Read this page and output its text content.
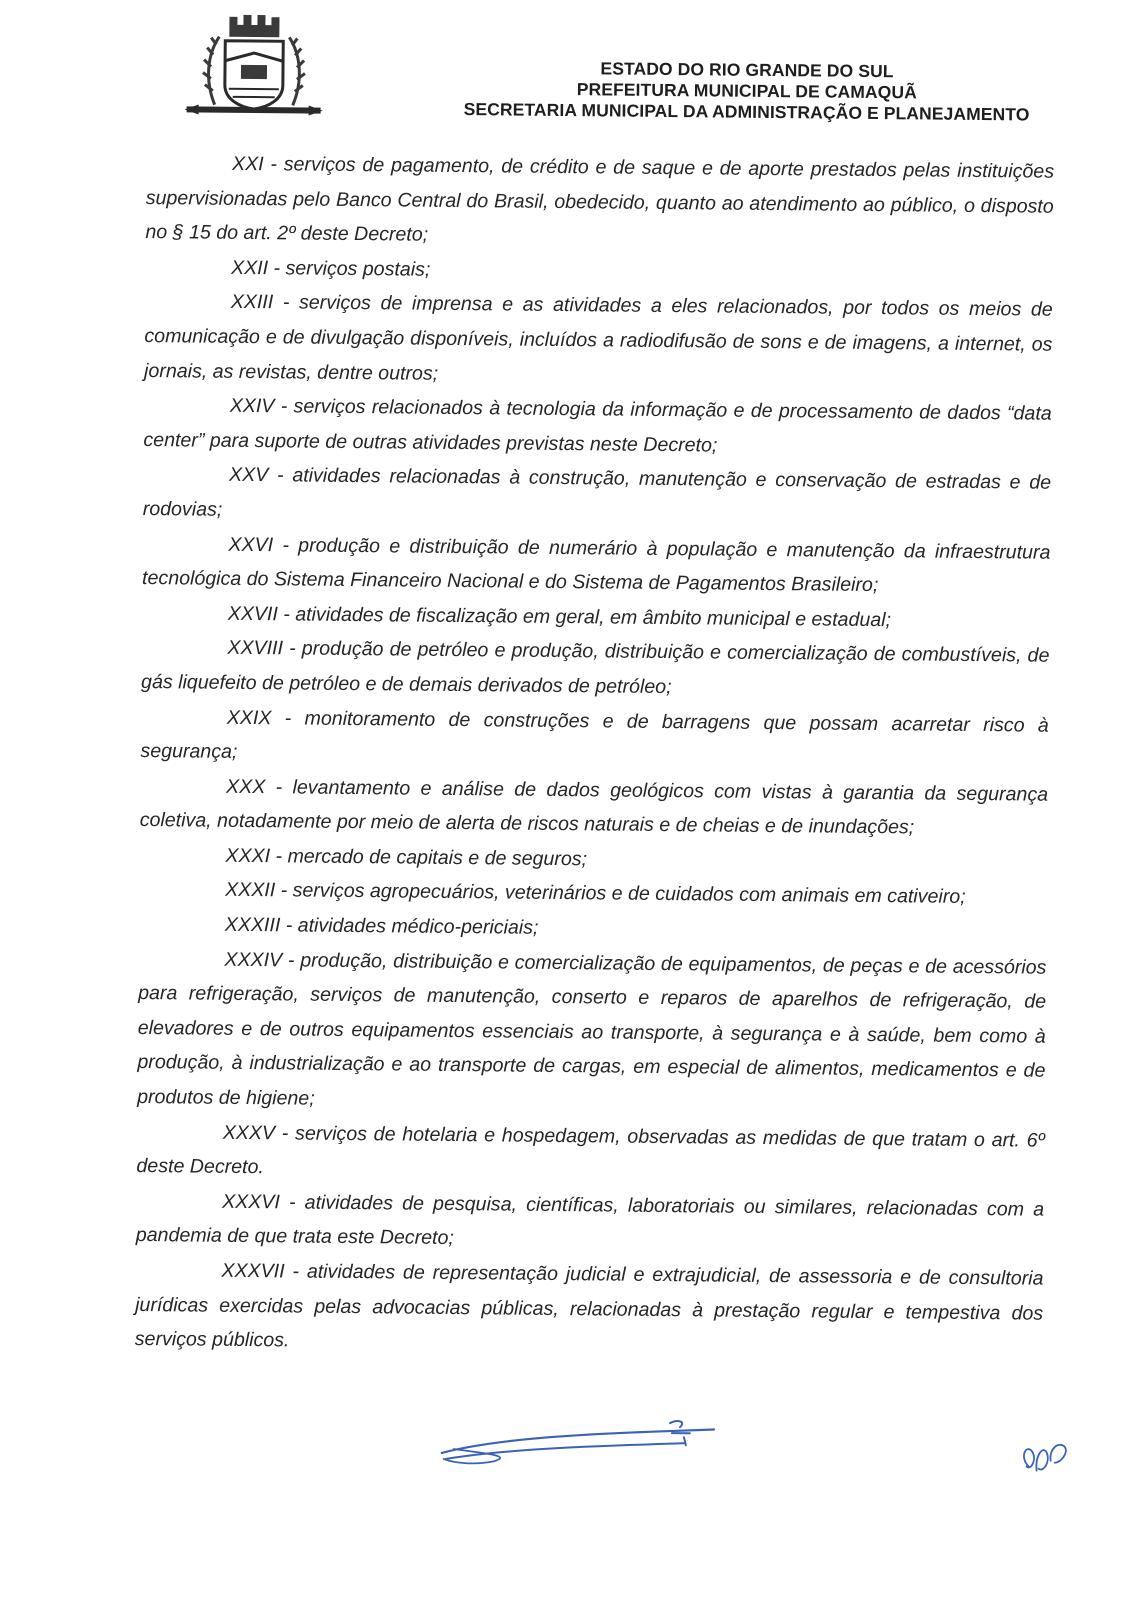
ESTADO DO RIO GRANDE DO SUL
PREFEITURA MUNICIPAL DE CAMAQUÃ
SECRETARIA MUNICIPAL DA ADMINISTRAÇÃO E PLANEJAMENTO

XXI - serviços de pagamento, de crédito e de saque e de aporte prestados pelas instituições supervisionadas pelo Banco Central do Brasil, obedecido, quanto ao atendimento ao público, o disposto no § 15 do art. 2º deste Decreto;

XXII - serviços postais;

XXIII - serviços de imprensa e as atividades a eles relacionados, por todos os meios de comunicação e de divulgação disponíveis, incluídos a radiodifusão de sons e de imagens, a internet, os jornais, as revistas, dentre outros;

XXIV - serviços relacionados à tecnologia da informação e de processamento de dados “data center” para suporte de outras atividades previstas neste Decreto;

XXV - atividades relacionadas à construção, manutenção e conservação de estradas e de rodovias;

XXVI - produção e distribuição de numerário à população e manutenção da infraestrutura tecnológica do Sistema Financeiro Nacional e do Sistema de Pagamentos Brasileiro;

XXVII - atividades de fiscalização em geral, em âmbito municipal e estadual;

XXVIII - produção de petróleo e produção, distribuição e comercialização de combustíveis, de gás liquefeito de petróleo e de demais derivados de petróleo;

XXIX - monitoramento de construções e de barragens que possam acarretar risco à segurança;

XXX - levantamento e análise de dados geológicos com vistas à garantia da segurança coletiva, notadamente por meio de alerta de riscos naturais e de cheias e de inundações;

XXXI - mercado de capitais e de seguros;

XXXII - serviços agropecuários, veterinários e de cuidados com animais em cativeiro;

XXXIII - atividades médico-periciais;

XXXIV - produção, distribuição e comercialização de equipamentos, de peças e de acessórios para refrigeração, serviços de manutenção, conserto e reparos de aparelhos de refrigeração, de elevadores e de outros equipamentos essenciais ao transporte, à segurança e à saúde, bem como à produção, à industrialização e ao transporte de cargas, em especial de alimentos, medicamentos e de produtos de higiene;

XXXV - serviços de hotelaria e hospedagem, observadas as medidas de que tratam o art. 6º deste Decreto.

XXXVI - atividades de pesquisa, científicas, laboratoriais ou similares, relacionadas com a pandemia de que trata este Decreto;

XXXVII - atividades de representação judicial e extrajudicial, de assessoria e de consultoria jurídicas exercidas pelas advocacias públicas, relacionadas à prestação regular e tempestiva dos serviços públicos.
